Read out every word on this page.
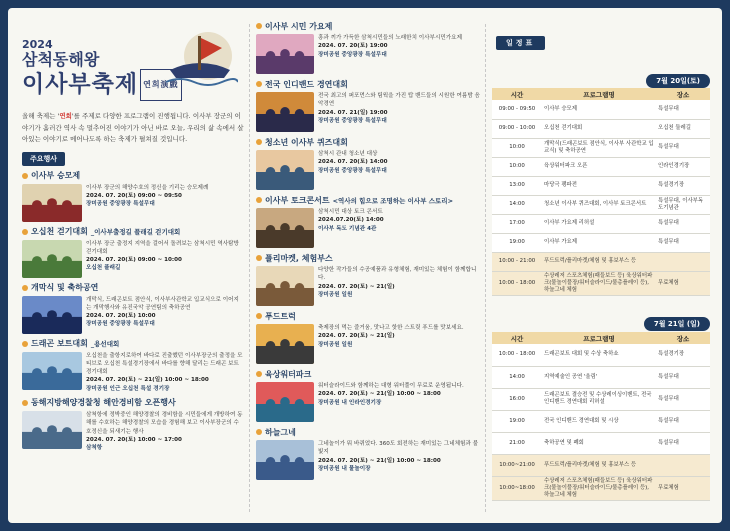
2024
삼척동해왕
이사부축제 연희演戲
올해 축제는 '연희'를 주제로 다양한 프로그램이 진행됩니다. 이사부 장군의 이야기가 흘러간 역사 속 멀추어진 이야기가 아닌 바로 오늘, 우리의 삶 속에서 살아있는 이야기로 메어나도록 하는 축제가 펼쳐질 것입니다.
주요행사
이사부 승모제
이사부 장군의 해양수호의 정신을 기리는 승모제례
2024. 07. 20(토) 09:00 ~ 09:50
장미공원 중앙광장 특설무대
오십천 걷기대회 _이사부출정길 플래길 걷기대회
이사부 장군 출정지 지역을 걸어서 돌려보는 삼척시민 역사탐방 걷기대회
2024. 07. 20(토) 09:00 ~ 10:00
오십천 플래길
개막식 및 축하공연
개막식, 드래곤보트 점안식, 이사부사관학교 입교식으로 이어지는 개막행사와 유진국악 공연팀의 축하공연
2024. 07. 20(토) 10:00
장미공원 중앙광장 특설무대
드래곤 보트대회 _용선대회
오십천을 출항지로하여 바다로 진출했던 이사부장군의 출정을 모티브로 오십천 특설경기장에서 바다를 향해 달리는 드래곤 보트 경기대회
2024. 07. 20(토) ~ 21(일) 10:00 ~ 18:00
장미공원 인근 오십천 특설 경기장
동해지방해양경찰청 해안경비함 오픈행사
삼척항에 정박중인 해양경찰의 경비함을 시민들에게 개방하여 동해를 수호하는 해양경찰의 모습을 경험해 보고 이사부장군의 수호정신을 되새기는 행사
2024. 07. 20(토) 10:00 ~ 17:00
삼척항
이사부 시민 가요제
흥과 끼가 가득한 삼척시민들의 노래한치 이사부시민가요제
2024. 07. 20(토) 19:00
장미공원 중앙광장 특설무대
전국 인디밴드 경연대회
전국 최고의 퍼포먼스와 팀웍을 가진 탑 밴드들의 시원한 여름밤 음악경연
2024. 07. 21(일) 19:00
장미공원 중앙광장 특설무대
청소년 이사부 퀴즈대회
삼척시 관내 청소년 대상
2024. 07. 20(토) 14:00
장미공원 중앙광장 특설무대
이사부 토크콘서트 <역사의 힘으로 조명하는 이사부 스토리>
삼척시민 대상 토크 콘서트
2024.07.20(토) 14:00
이사부 독도 기념관 4관
플리마켓, 체험부스
다양한 작가들의 수공예품과 유형체험, 재미있는 체험이 함께합니다.
2024. 07. 20(토) ~ 21(일)
장미공원 일원
푸드트럭
축제장의 먹는 즐거움, 맛나고 핫한 스트릿 푸드를 맛보세요.
2024. 07. 20(토) ~ 21(일)
장미공원 일원
육상워터파크
워터슬라이드와 함께하는 대형 워터풀이 무료로 운영됩니다.
2024. 07. 20(토) ~ 21(일) 10:00 ~ 18:00
장미공원 내 인라인경기장
하늘그네
그네놀이가 뭐 바뀌었다. 360도 회전하는 재미있는 그네체험과 불빛지
2024. 07. 20(토) ~ 21(일) 10:00 ~ 18:00
장미공원 내 물놀이장
일정표
7월 20일(토)
시간	프로그램명	장소
09:00 - 09:50	이사부 승모제	특설무대
09:00 - 10:00	오십천 걷기대회	오십천 둘레길
10:00	개막식(드래곤보트 점안식, 이사부 사관학교 입교식) 및 축하공연	특설무대
10:00	육상워터파크 오픈	인라인경기장
13:00	마당극 팽파전	특설경기장
14:00	청소년 이사부 퀴즈대회, 이사부 토크콘서트	특설무대, 이사부독도기념관
17:00	이사부 가요제 리허설	특설무대
19:00	이사부 가요제	특설무대
10:00 - 21:00	푸드트럭/플리마켓/체험 및 홍보부스 등	
10:00 - 18:00	수상레저 스포츠체험(패들보드 등) 육상워터파크(물놀이풀장/워터슬라이드/물총플레이 등), 하늘그네 체험	무료체험
7월 21일 (일)
시간	프로그램명	장소
10:00 - 18:00	드래곤보트 대회 및 수상 축하쇼	특설경기장
14:00	지역예술인 공연 '울림'	특설무대
16:00	드래곤보트 결승전 및 수상레이싱이벤트, 전국 인디밴드 경연대회 리허설	특설무대
19:00	전국 인디밴드 경연대회 및 시상	특설무대
21:00	축하공연 및 폐회	특설무대
10:00~21:00	푸드트럭/플리마켓/체험 및 홍보부스 등	
10:00~18:00	수상레저 스포츠체험(패들보드 등) 육상워터파크(물놀이풀장/워터슬라이드/물총플레이 등), 하늘그네 체험	무료체험
